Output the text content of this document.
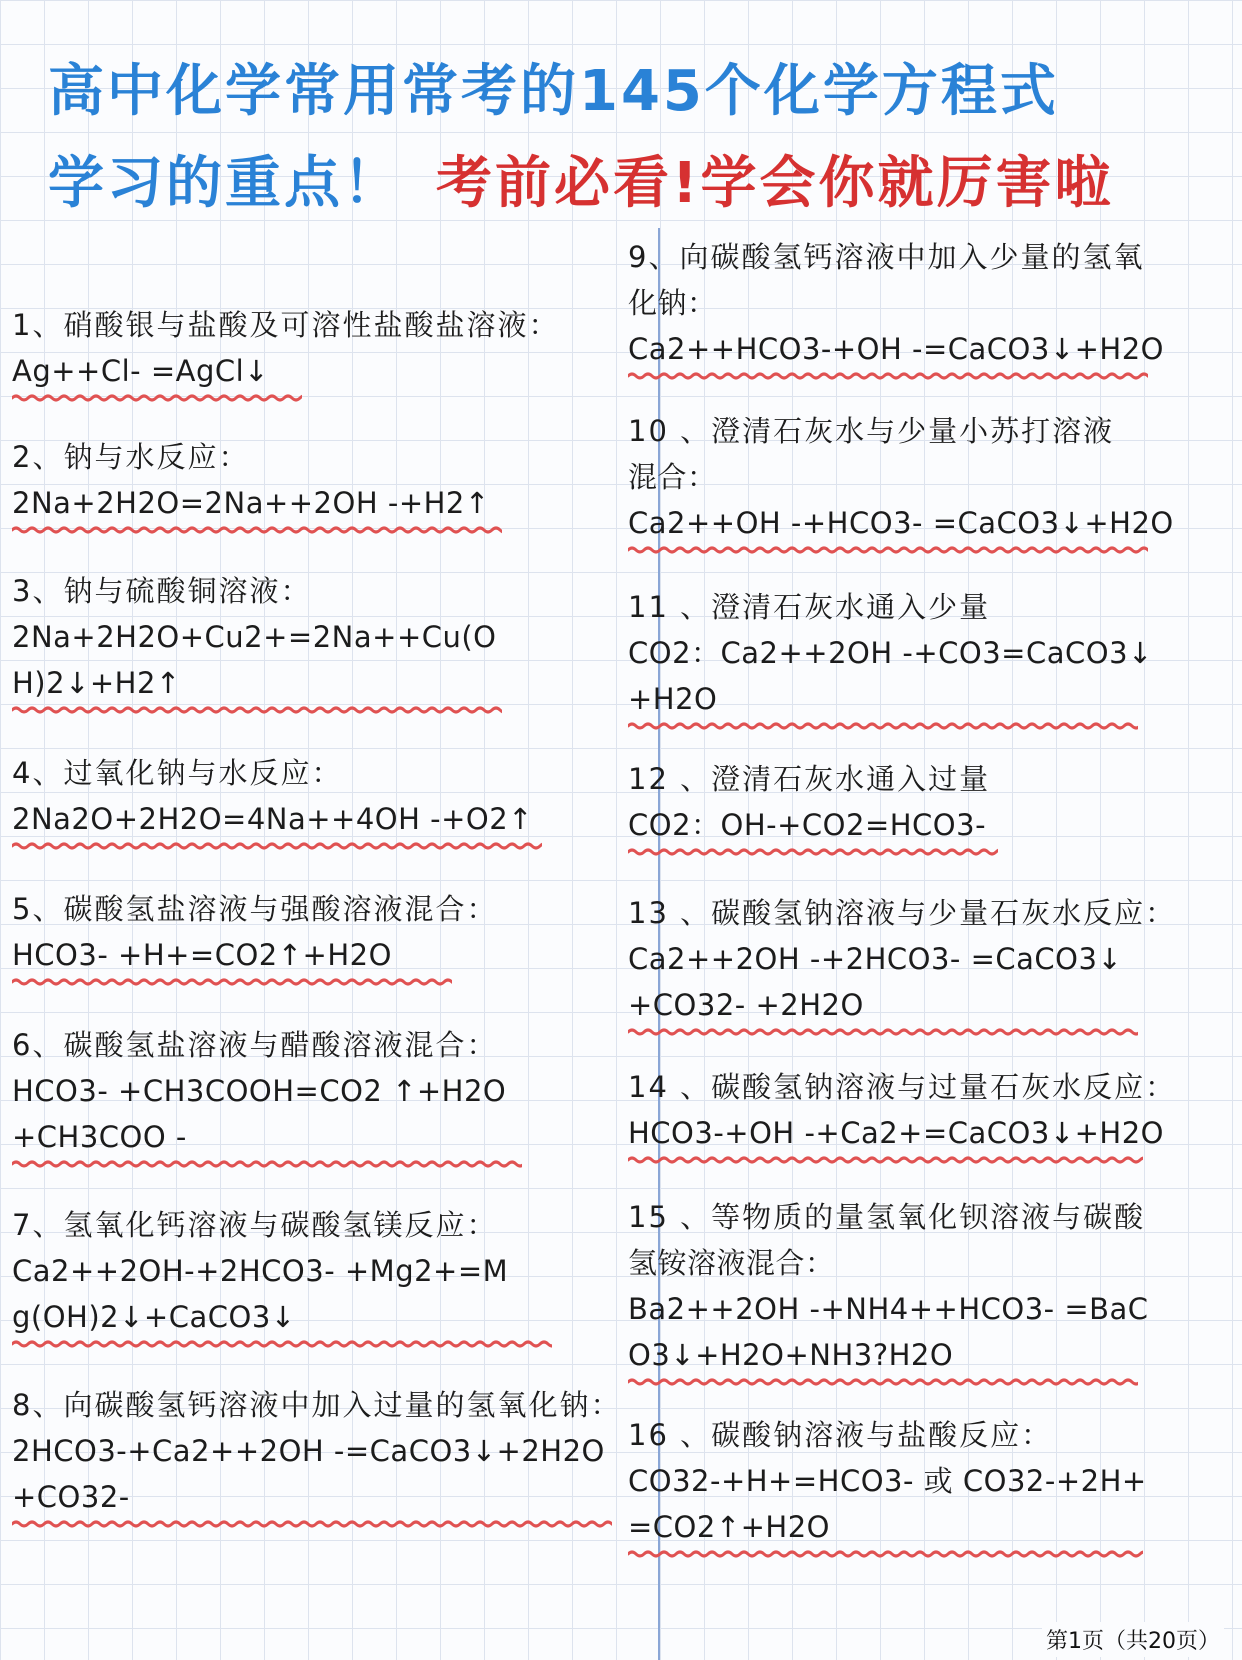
高中化学常用常考的145个化学方程式
学习的重点！ 考前必看!学会你就厉害啦
1、硝酸银与盐酸及可溶性盐酸盐溶液：
Ag++Cl- =AgCl↓
2、钠与水反应：
2Na+2H2O=2Na++2OH -+H2↑
3、钠与硫酸铜溶液：
2Na+2H2O+Cu2+=2Na++Cu(O
H)2↓+H2↑
4、过氧化钠与水反应：
2Na2O+2H2O=4Na++4OH -+O2↑
5、碳酸氢盐溶液与强酸溶液混合：
HCO3- +H+=CO2↑+H2O
6、碳酸氢盐溶液与醋酸溶液混合：
HCO3- +CH3COOH=CO2 ↑+H2O
+CH3COO -
7、氢氧化钙溶液与碳酸氢镁反应：
Ca2++2OH-+2HCO3- +Mg2+=M
g(OH)2↓+CaCO3↓
8、向碳酸氢钙溶液中加入过量的氢氧化钠：
2HCO3-+Ca2++2OH -=CaCO3↓+2H2O
+CO32-
9、向碳酸氢钙溶液中加入少量的氢氧
化钠：
Ca2++HCO3-+OH -=CaCO3↓+H2O
10 、澄清石灰水与少量小苏打溶液
混合：
Ca2++OH -+HCO3- =CaCO3↓+H2O
11 、澄清石灰水通入少量
CO2：Ca2++2OH -+CO3=CaCO3↓
+H2O
12 、澄清石灰水通入过量
CO2：OH-+CO2=HCO3-
13 、碳酸氢钠溶液与少量石灰水反应：
Ca2++2OH -+2HCO3- =CaCO3↓
+CO32- +2H2O
14 、碳酸氢钠溶液与过量石灰水反应：
HCO3-+OH -+Ca2+=CaCO3↓+H2O
15 、等物质的量氢氧化钡溶液与碳酸
氢铵溶液混合：
Ba2++2OH -+NH4++HCO3- =BaC
O3↓+H2O+NH3?H2O
16 、碳酸钠溶液与盐酸反应：
CO32-+H+=HCO3- 或 CO32-+2H+
=CO2↑+H2O
第1页（共20页）
